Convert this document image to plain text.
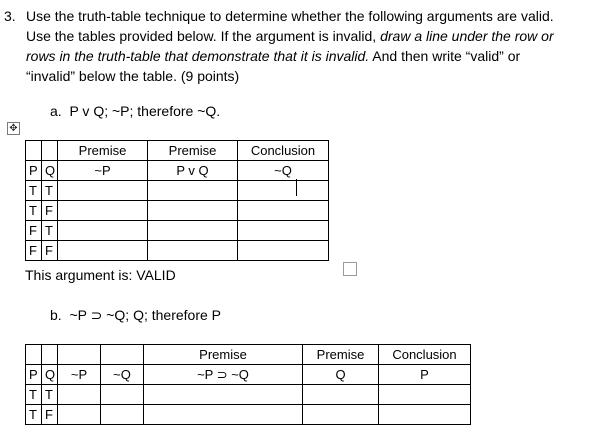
3. Use the truth-table technique to determine whether the following arguments are valid.
Use the tables provided below. If the argument is invalid, draw a line under the row or
rows in the truth-table that demonstrate that it is invalid. And then write “valid” or
“invalid” below the table. (9 points)
a.  P v Q; ~P; therefore ~Q.
✥
		Premise	Premise	Conclusion
P	Q	~P	P v Q	~Q
T	T			
T	F			
F	T			
F	F			
This argument is: VALID
b.  ~P ⊃ ~Q; Q; therefore P
				Premise	Premise	Conclusion
P	Q	~P	~Q	~P ⊃ ~Q	Q	P
T	T					
T	F					
